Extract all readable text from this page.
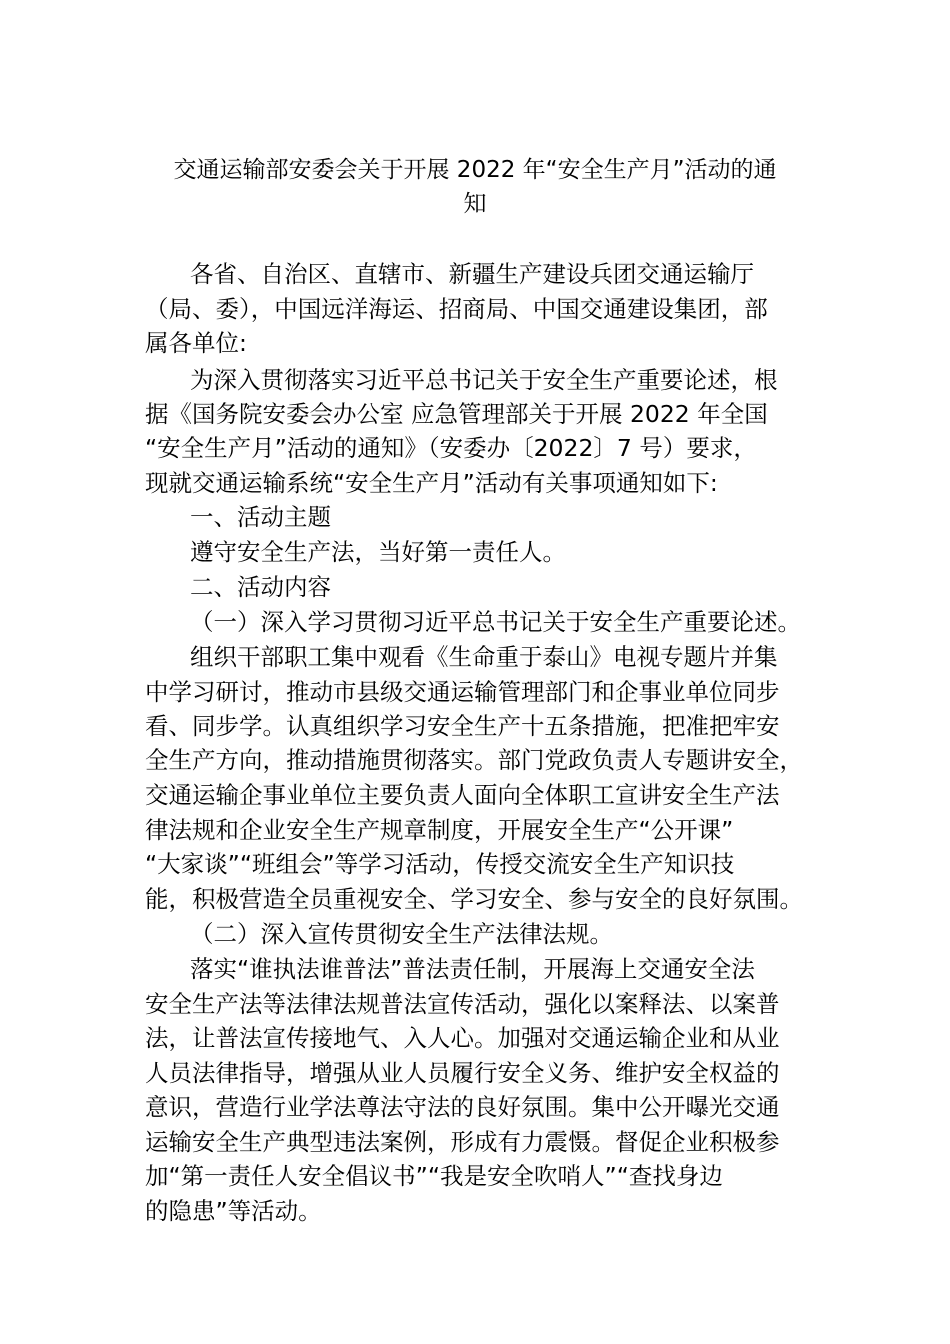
交通运输部安委会关于开展 2022 年“安全生产月”活动的通
知

各省、自治区、直辖市、新疆生产建设兵团交通运输厅

（局、委），中国远洋海运、招商局、中国交通建设集团，部

属各单位:

为深入贯彻落实习近平总书记关于安全生产重要论述，根

据《国务院安委会办公室 应急管理部关于开展 2022 年全国

“安全生产月”活动的通知》（安委办〔2022〕7 号）要求，

现就交通运输系统“安全生产月”活动有关事项通知如下:

一、活动主题

遵守安全生产法，当好第一责任人。

二、活动内容

（一）深入学习贯彻习近平总书记关于安全生产重要论述。

组织干部职工集中观看《生命重于泰山》电视专题片并集

中学习研讨，推动市县级交通运输管理部门和企事业单位同步

看、同步学。认真组织学习安全生产十五条措施，把准把牢安

全生产方向，推动措施贯彻落实。部门党政负责人专题讲安全，

交通运输企事业单位主要负责人面向全体职工宣讲安全生产法

律法规和企业安全生产规章制度，开展安全生产“公开课”

“大家谈”“班组会”等学习活动，传授交流安全生产知识技

能，积极营造全员重视安全、学习安全、参与安全的良好氛围。

（二）深入宣传贯彻安全生产法律法规。

落实“谁执法谁普法”普法责任制，开展海上交通安全法

安全生产法等法律法规普法宣传活动，强化以案释法、以案普

法，让普法宣传接地气、入人心。加强对交通运输企业和从业

人员法律指导，增强从业人员履行安全义务、维护安全权益的

意识，营造行业学法尊法守法的良好氛围。集中公开曝光交通

运输安全生产典型违法案例，形成有力震慑。督促企业积极参

加“第一责任人安全倡议书”“我是安全吹哨人”“查找身边

的隐患”等活动。
